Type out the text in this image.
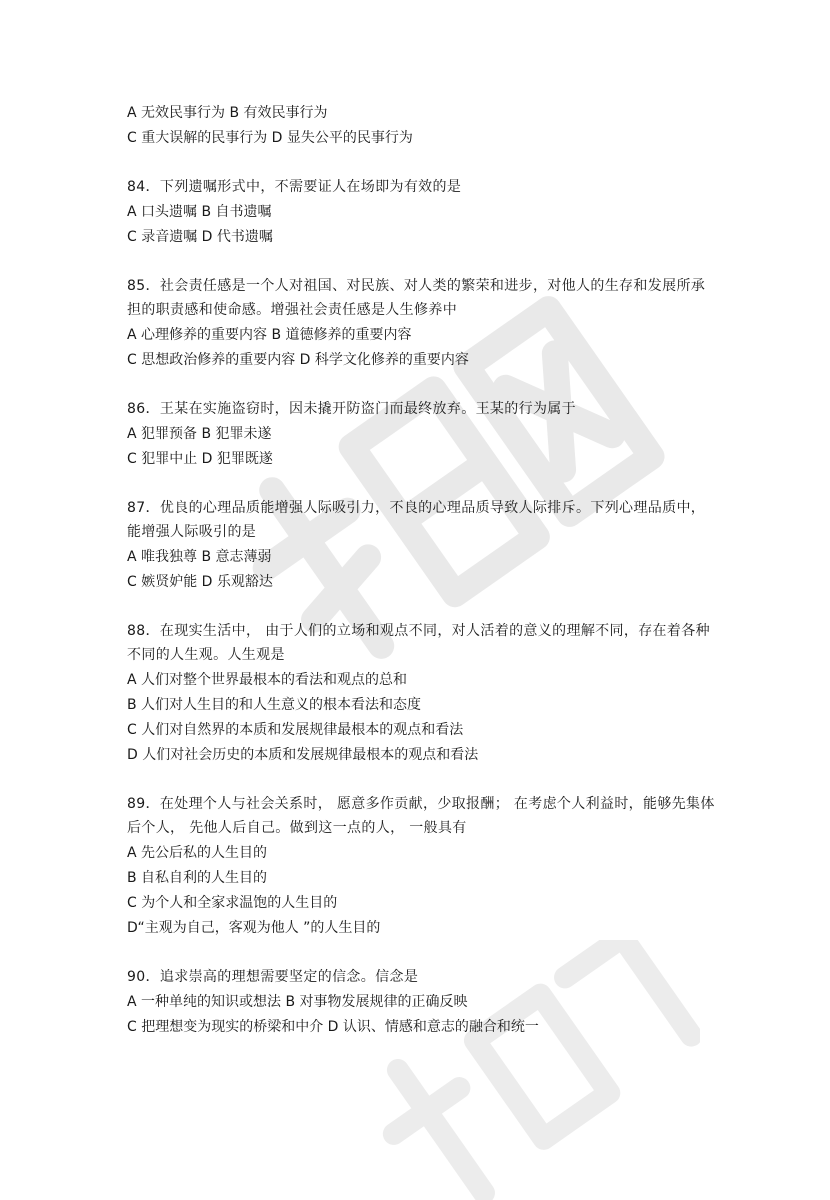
A 无效民事行为 B 有效民事行为
C 重大误解的民事行为 D 显失公平的民事行为
84．下列遗嘱形式中，不需要证人在场即为有效的是
A 口头遗嘱 B 自书遗嘱
C 录音遗嘱 D 代书遗嘱
85．社会责任感是一个人对祖国、对民族、对人类的繁荣和进步，对他人的生存和发展所承担的职责感和使命感。增强社会责任感是人生修养中
A 心理修养的重要内容 B 道德修养的重要内容
C 思想政治修养的重要内容 D 科学文化修养的重要内容
86．王某在实施盗窃时，因未撬开防盗门而最终放弃。王某的行为属于
A 犯罪预备 B 犯罪未遂
C 犯罪中止 D 犯罪既遂
87．优良的心理品质能增强人际吸引力，不良的心理品质导致人际排斥。下列心理品质中，能增强人际吸引的是
A 唯我独尊 B 意志薄弱
C 嫉贤妒能 D 乐观豁达
88．在现实生活中， 由于人们的立场和观点不同，对人活着的意义的理解不同，存在着各种不同的人生观。人生观是
A 人们对整个世界最根本的看法和观点的总和
B 人们对人生目的和人生意义的根本看法和态度
C 人们对自然界的本质和发展规律最根本的观点和看法
D 人们对社会历史的本质和发展规律最根本的观点和看法
89．在处理个人与社会关系时， 愿意多作贡献，少取报酬； 在考虑个人利益时，能够先集体后个人， 先他人后自己。做到这一点的人， 一般具有
A 先公后私的人生目的
B 自私自利的人生目的
C 为个人和全家求温饱的人生目的
D“主观为自己，客观为他人 ”的人生目的
90．追求崇高的理想需要坚定的信念。信念是
A 一种单纯的知识或想法 B 对事物发展规律的正确反映
C 把理想变为现实的桥梁和中介 D 认识、情感和意志的融合和统一
